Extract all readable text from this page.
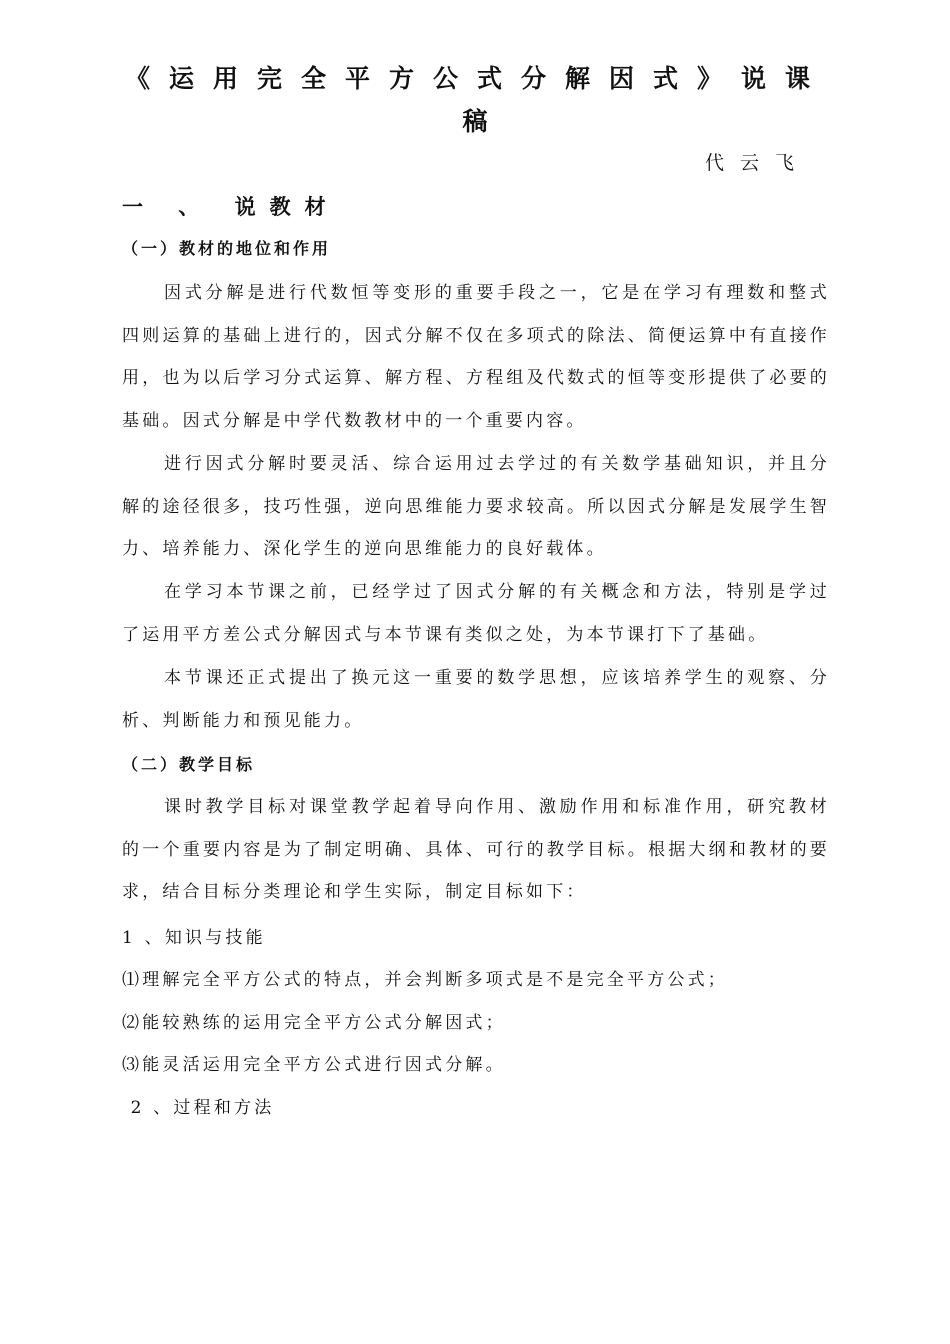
《运用完全平方公式分解因式》说课
稿
代云飞
一 、 说教材
（一）教材的地位和作用
因式分解是进行代数恒等变形的重要手段之一，它是在学习有理数和整式四则运算的基础上进行的，因式分解不仅在多项式的除法、简便运算中有直接作用，也为以后学习分式运算、解方程、方程组及代数式的恒等变形提供了必要的基础。因式分解是中学代数教材中的一个重要内容。
进行因式分解时要灵活、综合运用过去学过的有关数学基础知识，并且分解的途径很多，技巧性强，逆向思维能力要求较高。所以因式分解是发展学生智力、培养能力、深化学生的逆向思维能力的良好载体。
在学习本节课之前，已经学过了因式分解的有关概念和方法，特别是学过了运用平方差公式分解因式与本节课有类似之处，为本节课打下了基础。
本节课还正式提出了换元这一重要的数学思想，应该培养学生的观察、分析、判断能力和预见能力。
（二）教学目标
课时教学目标对课堂教学起着导向作用、激励作用和标准作用，研究教材的一个重要内容是为了制定明确、具体、可行的教学目标。根据大纲和教材的要求，结合目标分类理论和学生实际，制定目标如下：
1 、知识与技能
⑴理解完全平方公式的特点，并会判断多项式是不是完全平方公式；
⑵能较熟练的运用完全平方公式分解因式；
⑶能灵活运用完全平方公式进行因式分解。
2 、过程和方法
